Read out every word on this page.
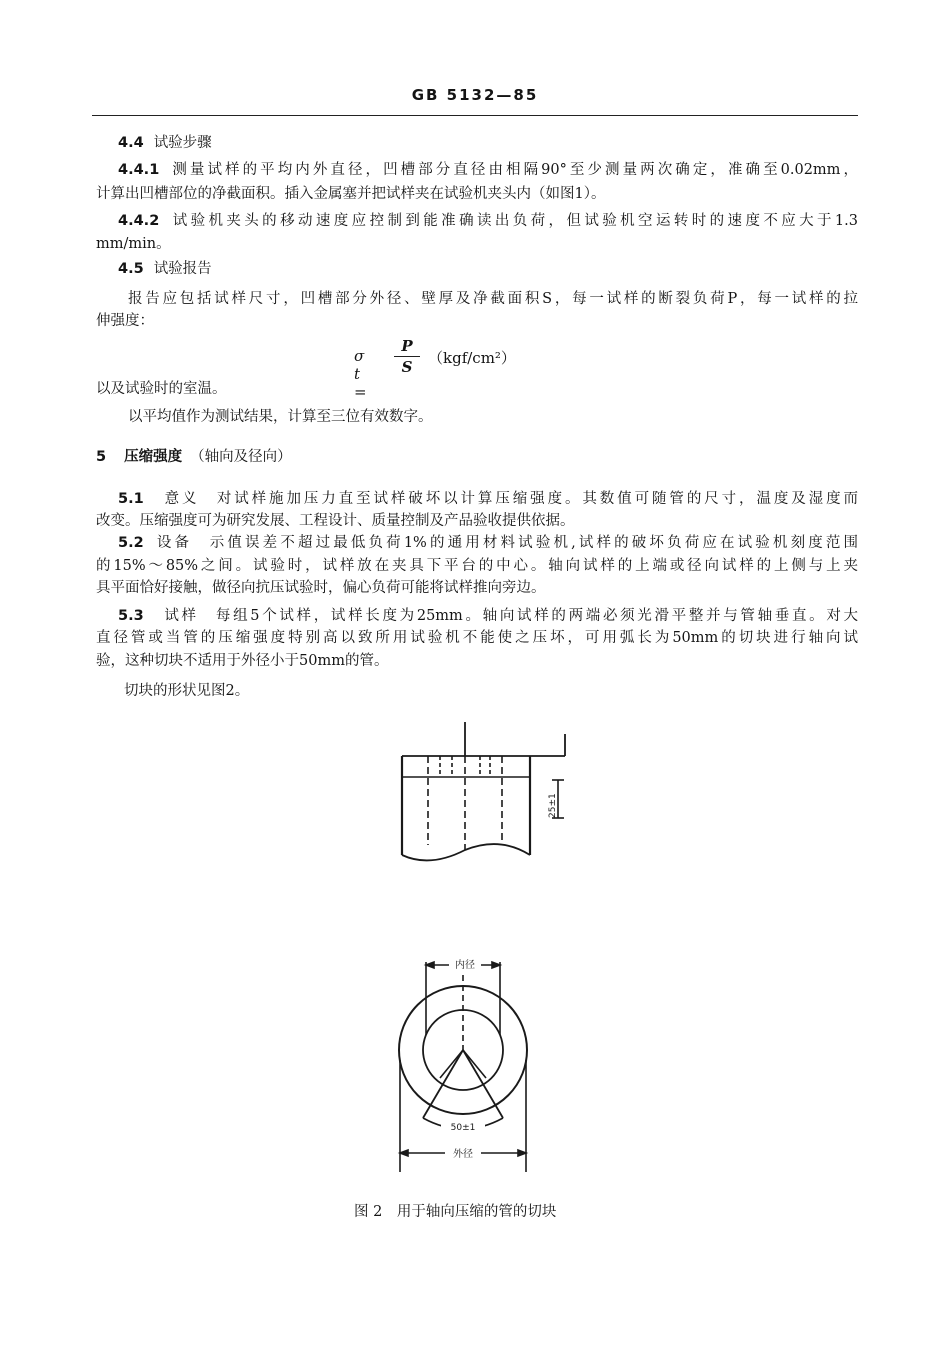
GB 5132—85
4.4 试验步骤
4.4.1 测量试样的平均内外直径，凹槽部分直径由相隔90°至少测量两次确定，准确至0.02mm，
计算出凹槽部位的净截面积。插入金属塞并把试样夹在试验机夹头内（如图1）。
4.4.2 试验机夹头的移动速度应控制到能准确读出负荷，但试验机空运转时的速度不应大于1.3
mm/min。
4.5 试验报告
报告应包括试样尺寸，凹槽部分外径、壁厚及净截面积S，每一试样的断裂负荷P，每一试样的拉
伸强度：
σ t =
P
S	（kgf/cm²）
以及试验时的室温。
以平均值作为测试结果，计算至三位有效数字。
5 压缩强度 （轴向及径向）
5.1 意义　对试样施加压力直至试样破坏以计算压缩强度。其数值可随管的尺寸，温度及湿度而
改变。压缩强度可为研究发展、工程设计、质量控制及产品验收提供依据。
5.2 设备　示值误差不超过最低负荷1%的通用材料试验机,试样的破坏负荷应在试验机刻度范围
的15%～85%之间。试验时，试样放在夹具下平台的中心。轴向试样的上端或径向试样的上侧与上夹
具平面恰好接触，做径向抗压试验时，偏心负荷可能将试样推向旁边。
5.3 试样　每组5个试样，试样长度为25mm。轴向试样的两端必须光滑平整并与管轴垂直。对大
直径管或当管的压缩强度特别高以致所用试验机不能使之压坏，可用弧长为50mm的切块进行轴向试
验，这种切块不适用于外径小于50mm的管。
切块的形状见图2。
25±1
内径
50±1
外径
图 2　用于轴向压缩的管的切块
